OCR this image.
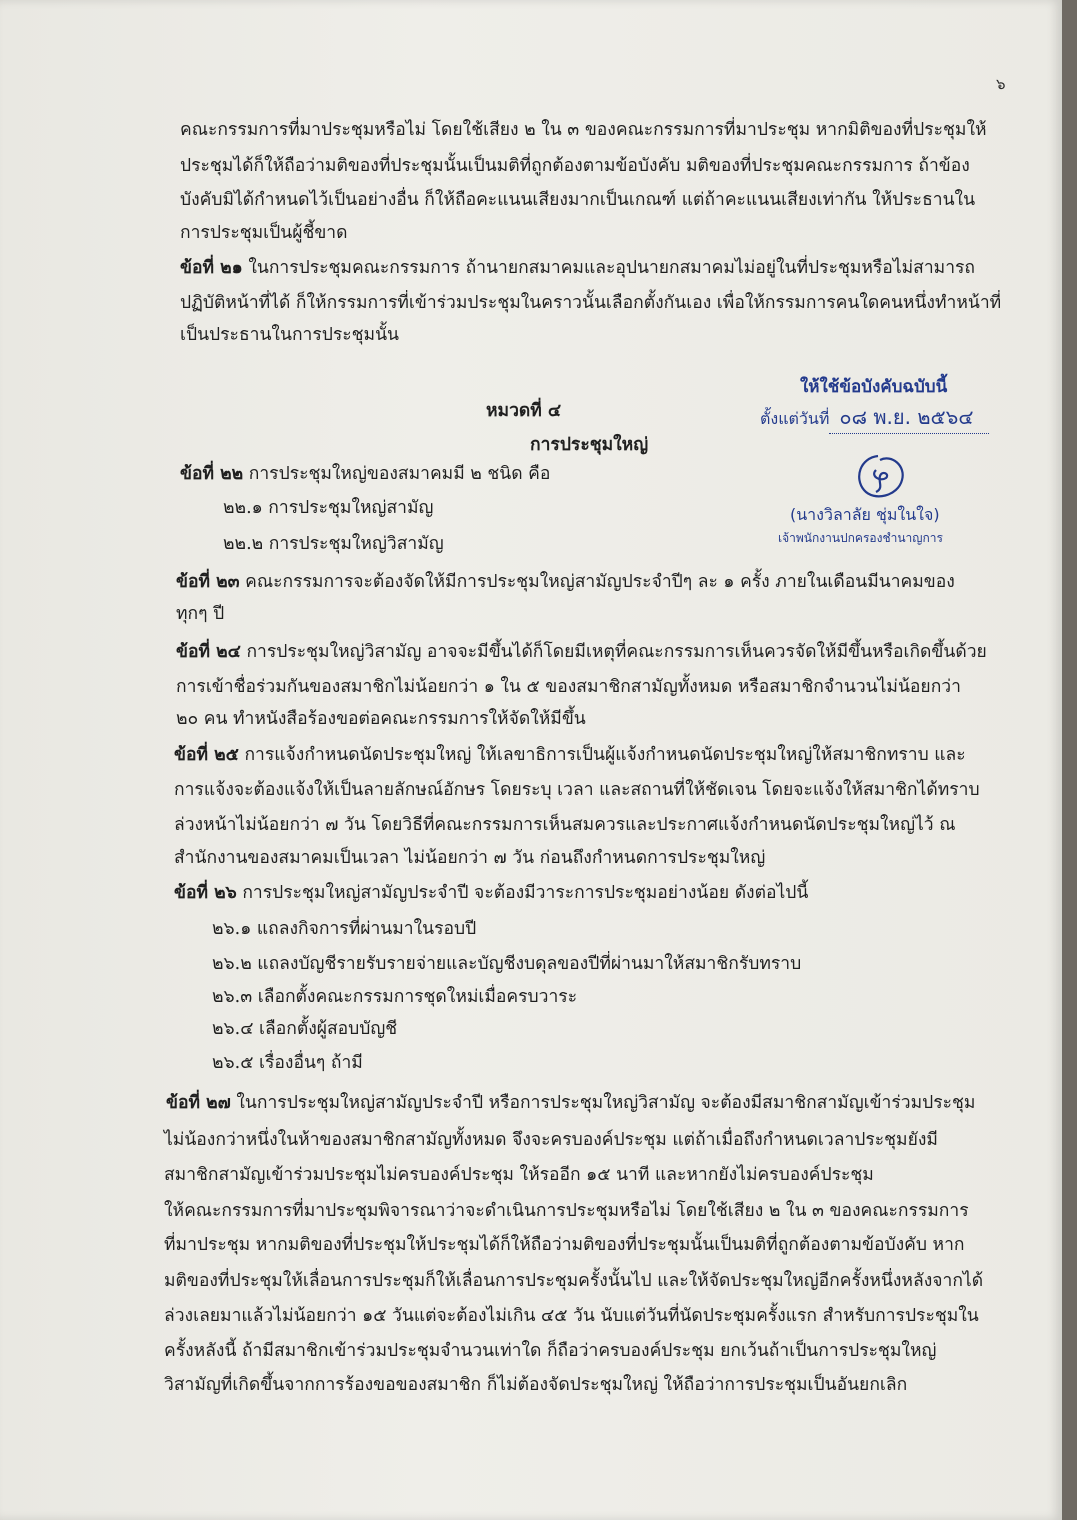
๖
คณะกรรมการที่มาประชุมหรือไม่ โดยใช้เสียง ๒ ใน ๓ ของคณะกรรมการที่มาประชุม หากมิติของที่ประชุมให้
ประชุมได้ก็ให้ถือว่ามติของที่ประชุมนั้นเป็นมติที่ถูกต้องตามข้อบังคับ มติของที่ประชุมคณะกรรมการ ถ้าข้อง
บังคับมิได้กำหนดไว้เป็นอย่างอื่น ก็ให้ถือคะแนนเสียงมากเป็นเกณฑ์ แต่ถ้าคะแนนเสียงเท่ากัน ให้ประธานใน
การประชุมเป็นผู้ชี้ขาด
ข้อที่ ๒๑ ในการประชุมคณะกรรมการ ถ้านายกสมาคมและอุปนายกสมาคมไม่อยู่ในที่ประชุมหรือไม่สามารถ
ปฏิบัติหน้าที่ได้ ก็ให้กรรมการที่เข้าร่วมประชุมในคราวนั้นเลือกตั้งกันเอง เพื่อให้กรรมการคนใดคนหนึ่งทำหน้าที่
เป็นประธานในการประชุมนั้น
หมวดที่ ๔
การประชุมใหญ่
ให้ใช้ข้อบังคับฉบับนี้
ตั้งแต่วันที่ ๐๘ พ.ย. ๒๕๖๔
(นางวิลาลัย ชุ่มในใจ)
เจ้าพนักงานปกครองชำนาญการ
ข้อที่ ๒๒ การประชุมใหญ่ของสมาคมมี ๒ ชนิด คือ
๒๒.๑ การประชุมใหญ่สามัญ
๒๒.๒ การประชุมใหญ่วิสามัญ
ข้อที่ ๒๓ คณะกรรมการจะต้องจัดให้มีการประชุมใหญ่สามัญประจำปีๆ ละ ๑ ครั้ง ภายในเดือนมีนาคมของ
ทุกๆ ปี
ข้อที่ ๒๔ การประชุมใหญ่วิสามัญ อาจจะมีขึ้นได้ก็โดยมีเหตุที่คณะกรรมการเห็นควรจัดให้มีขึ้นหรือเกิดขึ้นด้วย
การเข้าชื่อร่วมกันของสมาชิกไม่น้อยกว่า ๑ ใน ๕ ของสมาชิกสามัญทั้งหมด หรือสมาชิกจำนวนไม่น้อยกว่า
๒๐ คน ทำหนังสือร้องขอต่อคณะกรรมการให้จัดให้มีขึ้น
ข้อที่ ๒๕ การแจ้งกำหนดนัดประชุมใหญ่ ให้เลขาธิการเป็นผู้แจ้งกำหนดนัดประชุมใหญ่ให้สมาชิกทราบ และ
การแจ้งจะต้องแจ้งให้เป็นลายลักษณ์อักษร โดยระบุ เวลา และสถานที่ให้ชัดเจน โดยจะแจ้งให้สมาชิกได้ทราบ
ล่วงหน้าไม่น้อยกว่า ๗ วัน โดยวิธีที่คณะกรรมการเห็นสมควรและประกาศแจ้งกำหนดนัดประชุมใหญ่ไว้ ณ
สำนักงานของสมาคมเป็นเวลา ไม่น้อยกว่า ๗ วัน ก่อนถึงกำหนดการประชุมใหญ่
ข้อที่ ๒๖ การประชุมใหญ่สามัญประจำปี จะต้องมีวาระการประชุมอย่างน้อย ดังต่อไปนี้
๒๖.๑ แถลงกิจการที่ผ่านมาในรอบปี
๒๖.๒ แถลงบัญชีรายรับรายจ่ายและบัญชีงบดุลของปีที่ผ่านมาให้สมาชิกรับทราบ
๒๖.๓ เลือกตั้งคณะกรรมการชุดใหม่เมื่อครบวาระ
๒๖.๔ เลือกตั้งผู้สอบบัญชี
๒๖.๕ เรื่องอื่นๆ ถ้ามี
ข้อที่ ๒๗ ในการประชุมใหญ่สามัญประจำปี หรือการประชุมใหญ่วิสามัญ จะต้องมีสมาชิกสามัญเข้าร่วมประชุม
ไม่น้องกว่าหนึ่งในห้าของสมาชิกสามัญทั้งหมด จึงจะครบองค์ประชุม แต่ถ้าเมื่อถึงกำหนดเวลาประชุมยังมี
สมาชิกสามัญเข้าร่วมประชุมไม่ครบองค์ประชุม ให้รออีก ๑๕ นาที และหากยังไม่ครบองค์ประชุม
ให้คณะกรรมการที่มาประชุมพิจารณาว่าจะดำเนินการประชุมหรือไม่ โดยใช้เสียง ๒ ใน ๓ ของคณะกรรมการ
ที่มาประชุม หากมติของที่ประชุมให้ประชุมได้ก็ให้ถือว่ามติของที่ประชุมนั้นเป็นมติที่ถูกต้องตามข้อบังคับ หาก
มติของที่ประชุมให้เลื่อนการประชุมก็ให้เลื่อนการประชุมครั้งนั้นไป และให้จัดประชุมใหญ่อีกครั้งหนึ่งหลังจากได้
ล่วงเลยมาแล้วไม่น้อยกว่า ๑๕ วันแต่จะต้องไม่เกิน ๔๕ วัน นับแต่วันที่นัดประชุมครั้งแรก สำหรับการประชุมใน
ครั้งหลังนี้ ถ้ามีสมาชิกเข้าร่วมประชุมจำนวนเท่าใด ก็ถือว่าครบองค์ประชุม ยกเว้นถ้าเป็นการประชุมใหญ่
วิสามัญที่เกิดขึ้นจากการร้องขอของสมาชิก ก็ไม่ต้องจัดประชุมใหญ่ ให้ถือว่าการประชุมเป็นอันยกเลิก
